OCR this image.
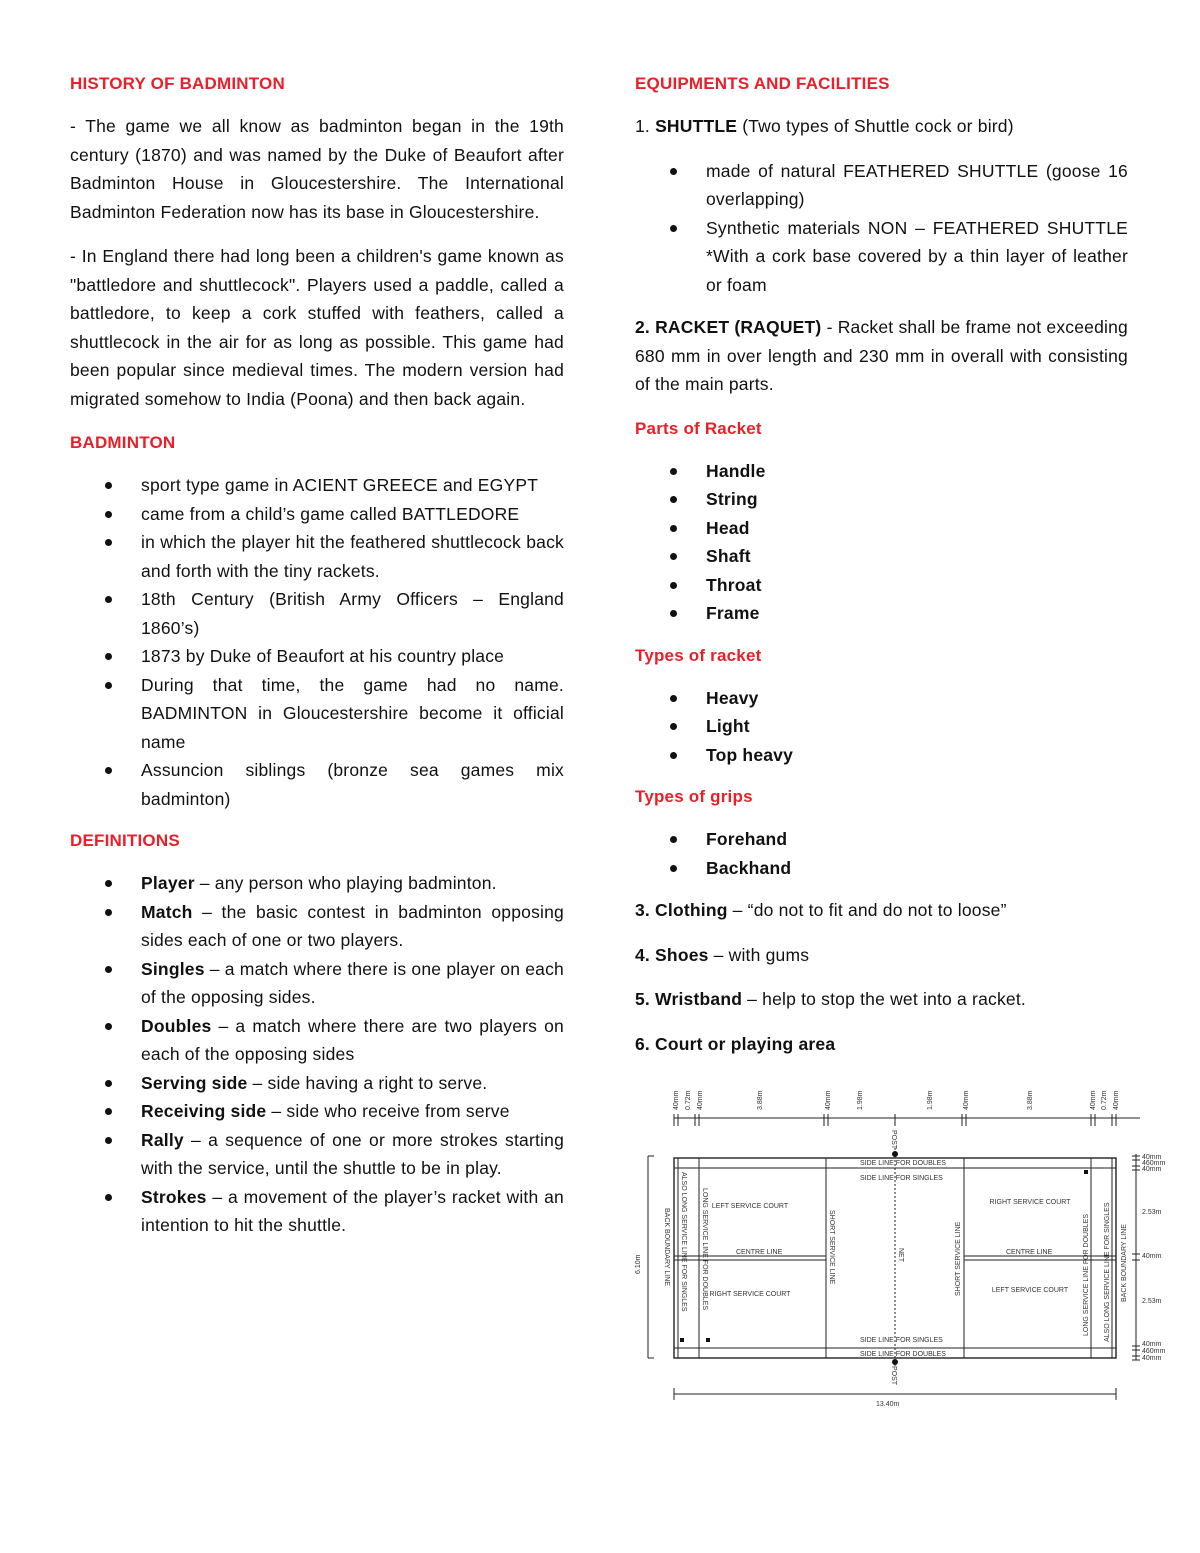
HISTORY OF BADMINTON

- The game we all know as badminton began in the 19th century (1870) and was named by the Duke of Beaufort after Badminton House in Gloucestershire. The International Badminton Federation now has its base in Gloucestershire.

- In England there had long been a children's game known as "battledore and shuttlecock". Players used a paddle, called a battledore, to keep a cork stuffed with feathers, called a shuttlecock in the air for as long as possible. This game had been popular since medieval times. The modern version had migrated somehow to India (Poona) and then back again.

BADMINTON
sport type game in ACIENT GREECE and EGYPT
came from a child’s game called BATTLEDORE
in which the player hit the feathered shuttlecock back and forth with the tiny rackets.
18th Century (British Army Officers – England 1860’s)
1873 by Duke of Beaufort at his country place
During that time, the game had no name. BADMINTON in Gloucestershire become it official name
Assuncion siblings (bronze sea games mix badminton)
DEFINITIONS
Player – any person who playing badminton.
Match – the basic contest in badminton opposing sides each of one or two players.
Singles – a match where there is one player on each of the opposing sides.
Doubles – a match where there are two players on each of the opposing sides
Serving side – side having a right to serve.
Receiving side – side who receive from serve
Rally – a sequence of one or more strokes starting with the service, until the shuttle to be in play.
Strokes – a movement of the player’s racket with an intention to hit the shuttle.
EQUIPMENTS AND FACILITIES

1. SHUTTLE (Two types of Shuttle cock or bird)

made of natural FEATHERED SHUTTLE (goose 16 overlapping)
Synthetic materials NON – FEATHERED SHUTTLE *With a cork base covered by a thin layer of leather or foam

2. RACKET (RAQUET) - Racket shall be frame not exceeding 680 mm in over length and 230 mm in overall with consisting of the main parts.

Parts of Racket
Handle
String
Head
Shaft
Throat
Frame
Types of racket
Heavy
Light
Top heavy
Types of grips
Forehand
Backhand

3. Clothing – “do not to fit and do not to loose”

4. Shoes – with gums

5. Wristband – help to stop the wet into a racket.

6. Court or playing area

40mm 0.72m 40mm	3.88m	40mm	1.98m	1.98m	40mm	3.88m	40mm 0.72m 40mm
POST
POST
SIDE LINE FOR DOUBLES
SIDE LINE FOR SINGLES
SIDE LINE FOR SINGLES
SIDE LINE FOR DOUBLES
BACK BOUNDARY LINE ALSO LONG SERVICE LINE FOR SINGLES LONG SERVICE LINE FOR DOUBLES	SHORT SERVICE LINE	NET	SHORT SERVICE LINE	LONG SERVICE LINE FOR DOUBLES ALSO LONG SERVICE LINE FOR SINGLES BACK BOUNDARY LINE
LEFT SERVICE COURT
RIGHT SERVICE COURT
RIGHT SERVICE COURT
LEFT SERVICE COURT
CENTRE LINE	CENTRE LINE
6.10m
13.40m
40mm
460mm
40mm
2.53m
40mm
2.53m
40mm
460mm
40mm
